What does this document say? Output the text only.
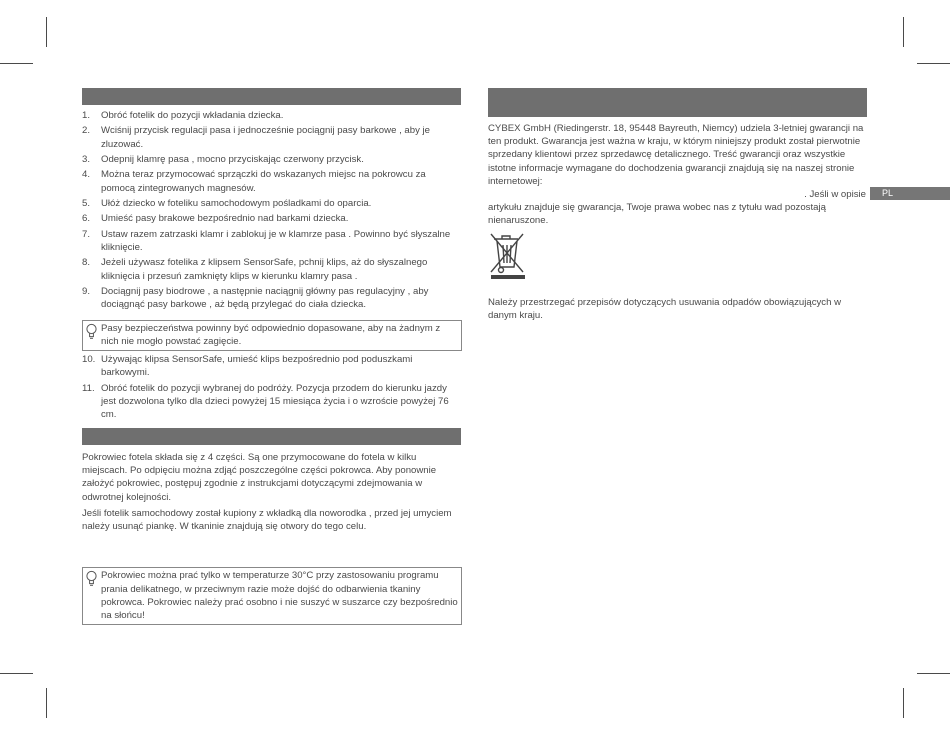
PL
1. Obróć fotelik do pozycji wkładania dziecka.
2. Wciśnij przycisk regulacji pasa i jednocześnie pociągnij pasy barkowe , aby je zluzować.
3. Odepnij klamrę pasa , mocno przyciskając czerwony przycisk.
4. Można teraz przymocować sprzączki do wskazanych miejsc na pokrowcu za pomocą zintegrowanych magnesów.
5. Ułóż dziecko w foteliku samochodowym pośladkami do oparcia.
6. Umieść pasy brakowe bezpośrednio nad barkami dziecka.
7. Ustaw razem zatrzaski klamr i zablokuj je w klamrze pasa . Powinno być słyszalne kliknięcie.
8. Jeżeli używasz fotelika z klipsem SensorSafe, pchnij klips, aż do słyszalnego kliknięcia i przesuń zamknięty klips w kierunku klamry pasa .
9. Dociągnij pasy biodrowe , a następnie naciągnij główny pas regulacyjny , aby dociągnąć pasy barkowe , aż będą przylegać do ciała dziecka.
Pasy bezpieczeństwa powinny być odpowiednio dopasowane, aby na żadnym z nich nie mogło powstać zagięcie.
10. Używając klipsa SensorSafe, umieść klips bezpośrednio pod poduszkami barkowymi.
11. Obróć fotelik do pozycji wybranej do podróży. Pozycja przodem do kierunku jazdy jest dozwolona tylko dla dzieci powyżej 15 miesiąca życia i o wzroście powyżej 76 cm.

Pokrowiec fotela składa się z 4 części. Są one przymocowane do fotela w kilku miejscach. Po odpięciu można zdjąć poszczególne części pokrowca. Aby ponownie założyć pokrowiec, postępuj zgodnie z instrukcjami dotyczącymi zdejmowania w odwrotnej kolejności.

Jeśli fotelik samochodowy został kupiony z wkładką dla noworodka , przed jej umyciem należy usunąć piankę. W tkaninie znajdują się otwory do tego celu.

Pokrowiec można prać tylko w temperaturze 30°C przy zastosowaniu programu prania delikatnego, w przeciwnym razie może dojść do odbarwienia tkaniny pokrowca. Pokrowiec należy prać osobno i nie suszyć w suszarce czy bezpośrednio na słońcu!

CYBEX GmbH (Riedingerstr. 18, 95448 Bayreuth, Niemcy) udziela 3-letniej gwarancji na ten produkt. Gwarancja jest ważna w kraju, w którym niniejszy produkt został pierwotnie sprzedany klientowi przez sprzedawcę detalicznego. Treść gwarancji oraz wszystkie istotne informacje wymagane do dochodzenia gwarancji znajdują się na naszej stronie internetowej:

. Jeśli w opisie

artykułu znajduje się gwarancja, Twoje prawa wobec nas z tytułu wad pozostają nienaruszone.

Należy przestrzegać przepisów dotyczących usuwania odpadów obowiązujących w danym kraju.
